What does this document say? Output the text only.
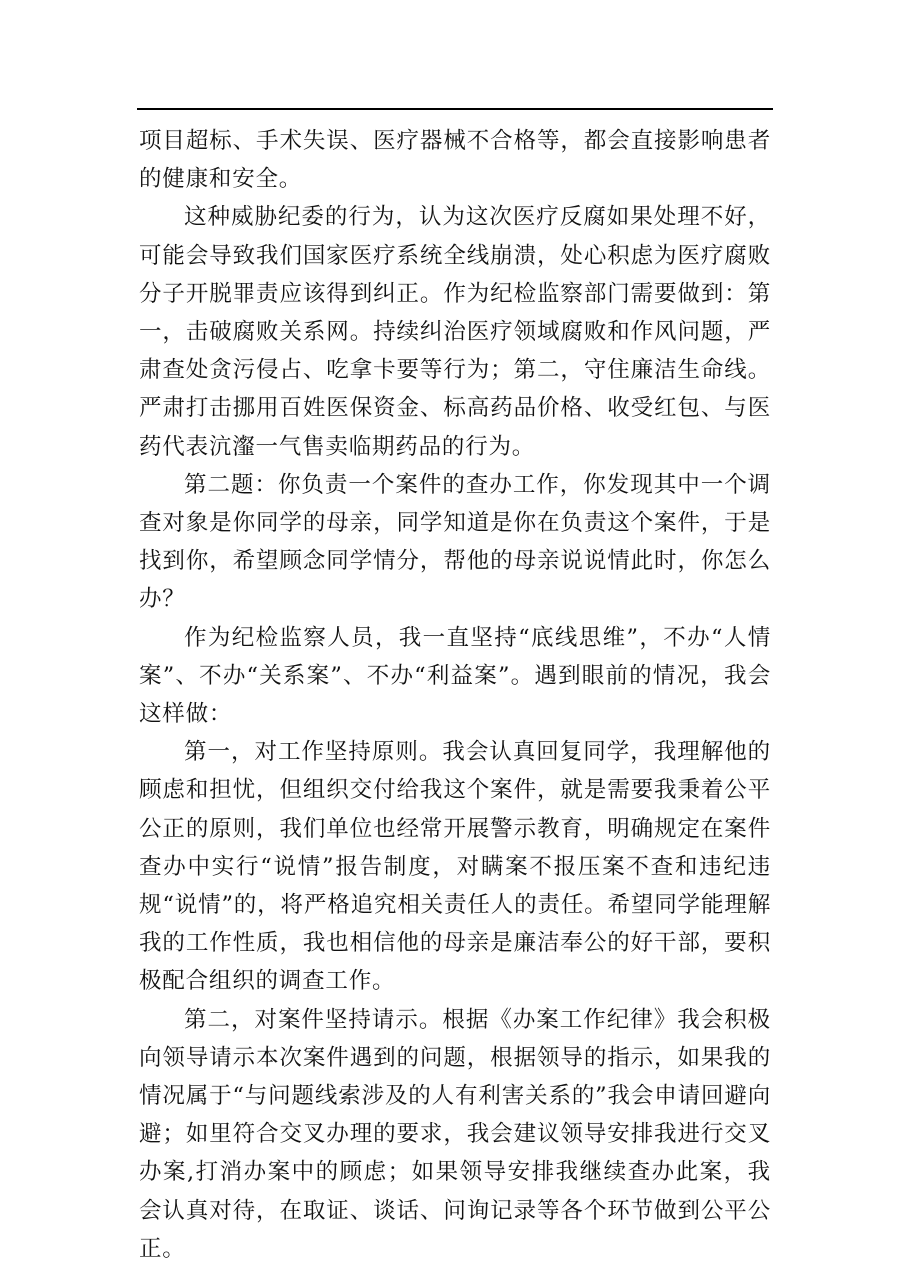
项目超标、手术失误、医疗器械不合格等，都会直接影响患者的健康和安全。

这种威胁纪委的行为，认为这次医疗反腐如果处理不好，可能会导致我们国家医疗系统全线崩溃，处心积虑为医疗腐败分子开脱罪责应该得到纠正。作为纪检监察部门需要做到：第一，击破腐败关系网。持续纠治医疗领域腐败和作风问题，严肃查处贪污侵占、吃拿卡要等行为；第二，守住廉洁生命线。严肃打击挪用百姓医保资金、标高药品价格、收受红包、与医药代表沆瀣一气售卖临期药品的行为。

第二题：你负责一个案件的查办工作，你发现其中一个调查对象是你同学的母亲，同学知道是你在负责这个案件，于是找到你，希望顾念同学情分，帮他的母亲说说情此时，你怎么办？

作为纪检监察人员，我一直坚持“底线思维”，不办“人情案”、不办“关系案”、不办“利益案”。遇到眼前的情况，我会这样做：

第一，对工作坚持原则。我会认真回复同学，我理解他的顾虑和担忧，但组织交付给我这个案件，就是需要我秉着公平公正的原则，我们单位也经常开展警示教育，明确规定在案件查办中实行“说情”报告制度，对瞒案不报压案不查和违纪违规“说情”的，将严格追究相关责任人的责任。希望同学能理解我的工作性质，我也相信他的母亲是廉洁奉公的好干部，要积极配合组织的调查工作。

第二，对案件坚持请示。根据《办案工作纪律》我会积极向领导请示本次案件遇到的问题，根据领导的指示，如果我的情况属于“与问题线索涉及的人有利害关系的”我会申请回避向避；如里符合交叉办理的要求，我会建议领导安排我进行交叉办案,打消办案中的顾虑；如果领导安排我继续查办此案，我会认真对待，在取证、谈话、问询记录等各个环节做到公平公正。
